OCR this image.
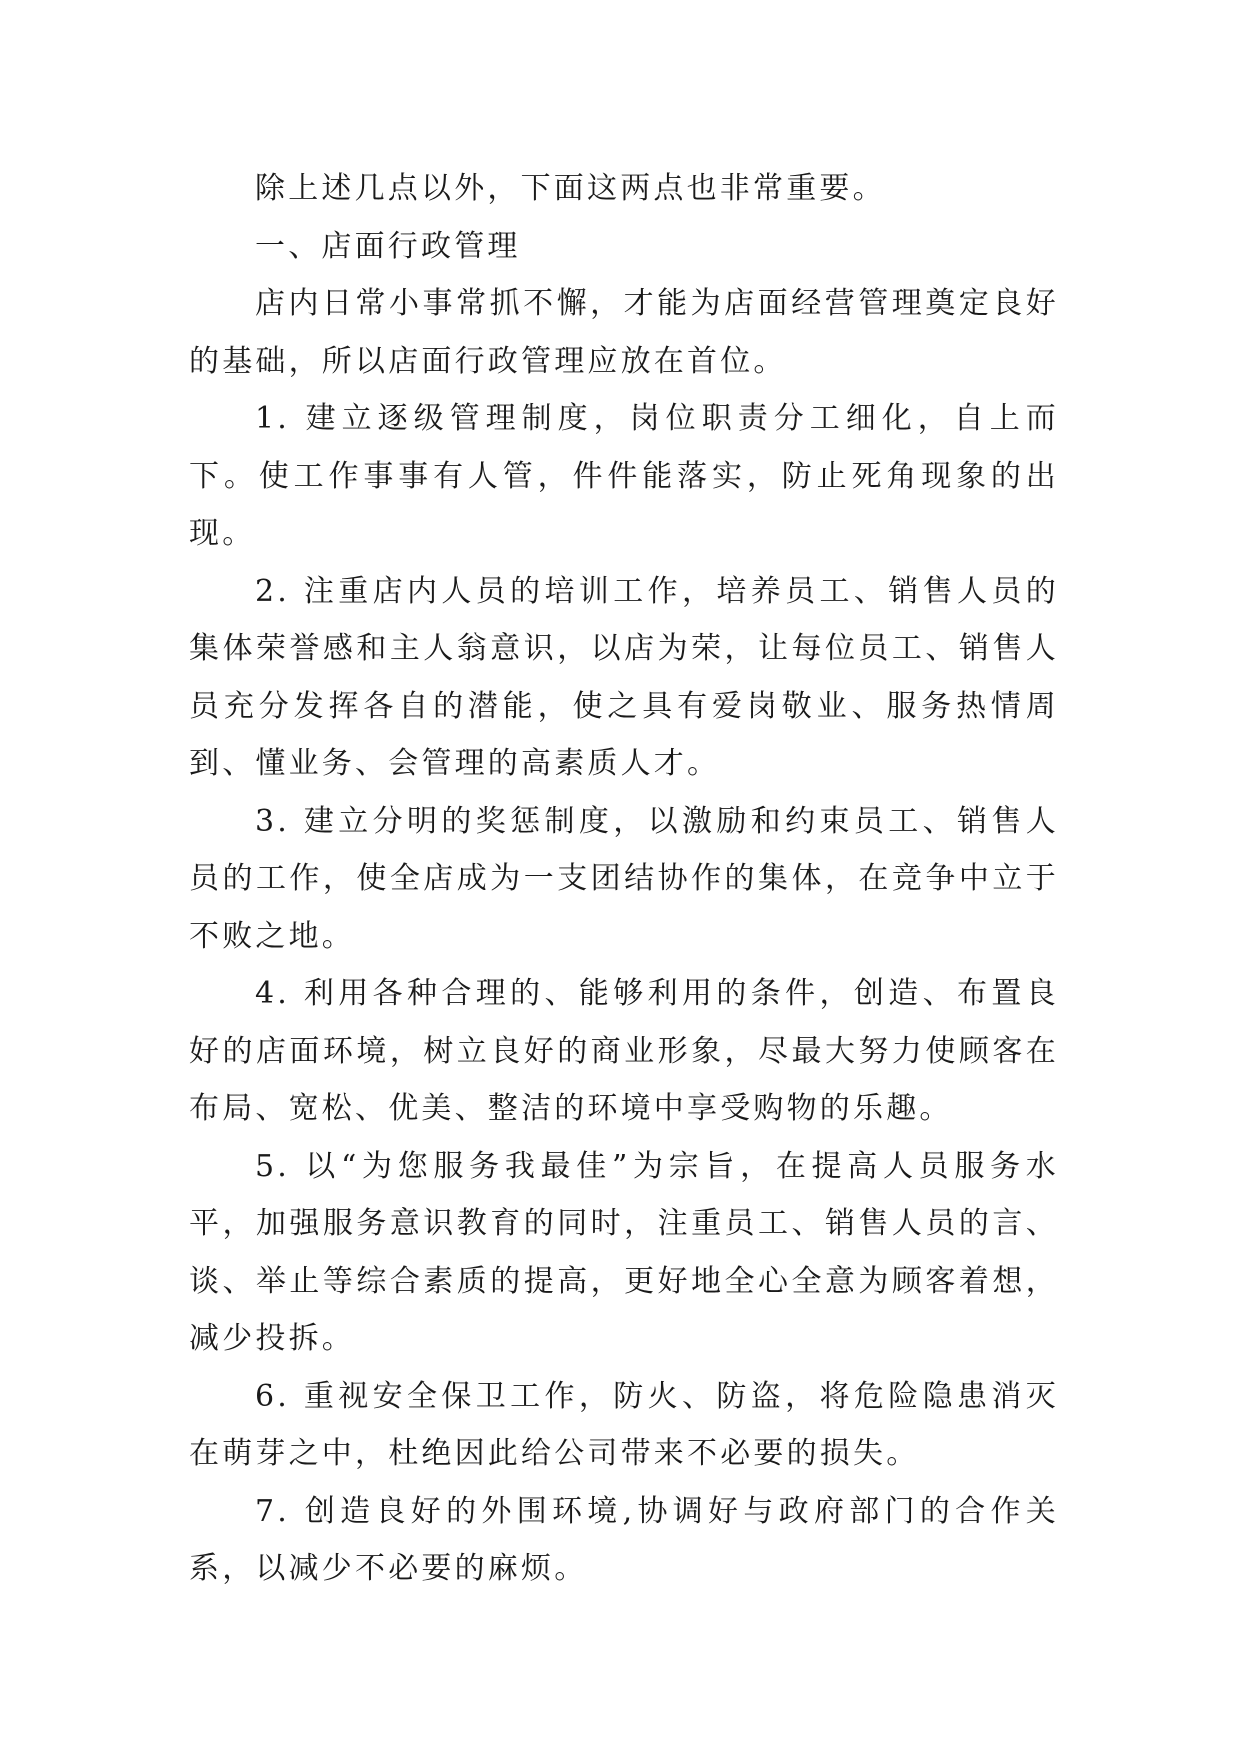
除上述几点以外，下面这两点也非常重要。

一、店面行政管理

店内日常小事常抓不懈，才能为店面经营管理奠定良好的基础，所以店面行政管理应放在首位。

1. 建立逐级管理制度，岗位职责分工细化，自上而下。使工作事事有人管，件件能落实，防止死角现象的出现。

2. 注重店内人员的培训工作，培养员工、销售人员的集体荣誉感和主人翁意识，以店为荣，让每位员工、销售人员充分发挥各自的潜能，使之具有爱岗敬业、服务热情周到、懂业务、会管理的高素质人才。

3. 建立分明的奖惩制度，以激励和约束员工、销售人员的工作，使全店成为一支团结协作的集体，在竞争中立于不败之地。

4. 利用各种合理的、能够利用的条件，创造、布置良好的店面环境，树立良好的商业形象，尽最大努力使顾客在布局、宽松、优美、整洁的环境中享受购物的乐趣。

5. 以“为您服务我最佳”为宗旨，在提高人员服务水平，加强服务意识教育的同时，注重员工、销售人员的言、谈、举止等综合素质的提高，更好地全心全意为顾客着想，减少投拆。

6. 重视安全保卫工作，防火、防盗，将危险隐患消灭在萌芽之中，杜绝因此给公司带来不必要的损失。

7. 创造良好的外围环境,协调好与政府部门的合作关系，以减少不必要的麻烦。
